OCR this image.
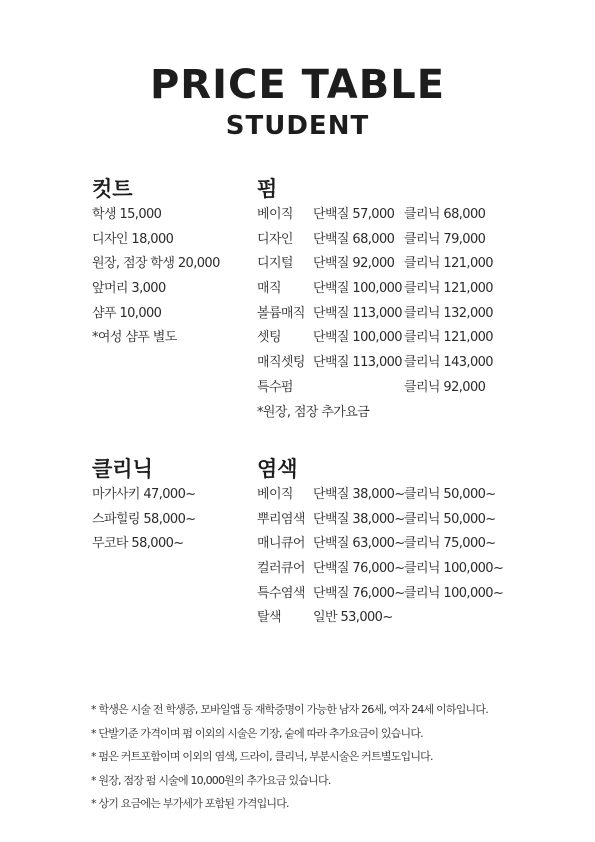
PRICE TABLE
STUDENT
컷트
학생 15,000
디자인 18,000
원장, 점장 학생 20,000
앞머리 3,000
샴푸 10,000
*여성 샴푸 별도
펌
베이직 단백질 57,000 클리닉 68,000
디자인 단백질 68,000 클리닉 79,000
디지털 단백질 92,000 클리닉 121,000
매직 단백질 100,000 클리닉 121,000
볼륨매직 단백질 113,000 클리닉 132,000
셋팅 단백질 100,000 클리닉 121,000
매직셋팅 단백질 113,000 클리닉 143,000
특수펌	클리닉 92,000
*원장, 점장 추가요금
클리닉
마가사키 47,000~
스파힐링 58,000~
무코타 58,000~
염색
베이직 단백질 38,000~ 클리닉 50,000~
뿌리염색 단백질 38,000~ 클리닉 50,000~
매니큐어 단백질 63,000~ 클리닉 75,000~
컬러큐어 단백질 76,000~ 클리닉 100,000~
특수염색 단백질 76,000~ 클리닉 100,000~
탈색 일반 53,000~
* 학생은 시술 전 학생증, 모바일앱 등 재학증명이 가능한 남자 26세, 여자 24세 이하입니다.
* 단발기준 가격이며 펌 이외의 시술은 기장, 숱에 따라 추가요금이 있습니다.
* 펌은 커트포함이며 이외의 염색, 드라이, 클리닉, 부분시술은 커트별도입니다.
* 원장, 점장 펌 시술에 10,000원의 추가요금 있습니다.
* 상기 요금에는 부가세가 포함된 가격입니다.
